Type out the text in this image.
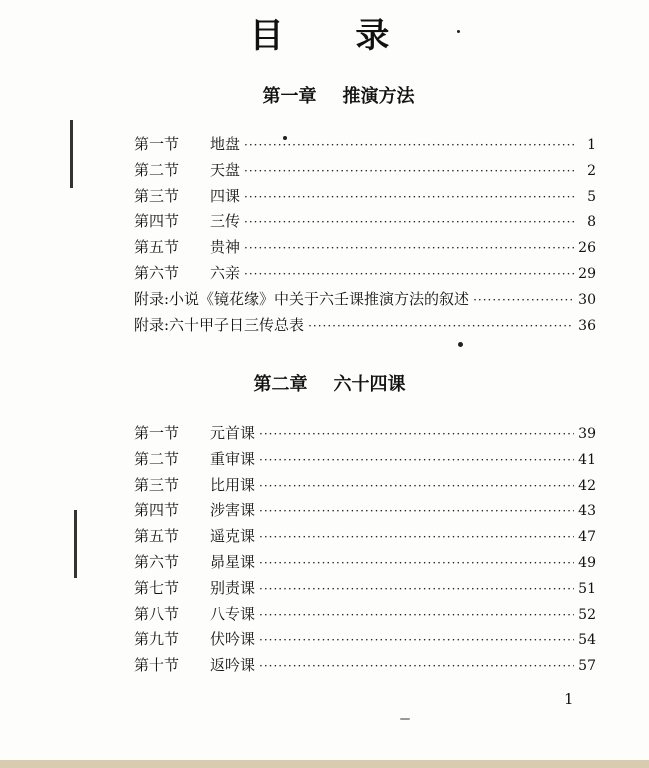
目 录
第一章 推演方法
第一节	地盘 ·····	1
第二节	天盘 ·····	2
第三节	四课 ·····	5
第四节	三传 ·····	8
第五节	贵神 ·····	26
第六节	六亲 ·····	29
附录:小说《镜花缘》中关于六壬课推演方法的叙述 ·····	30
附录:六十甲子日三传总表 ·····	36
第二章 六十四课
第一节	元首课 ·····	39
第二节	重审课 ·····	41
第三节	比用课 ·····	42
第四节	涉害课 ·····	43
第五节	遥克课 ·····	47
第六节	昴星课 ·····	49
第七节	别责课 ·····	51
第八节	八专课 ·····	52
第九节	伏吟课 ·····	54
第十节	返吟课 ·····	57
1
